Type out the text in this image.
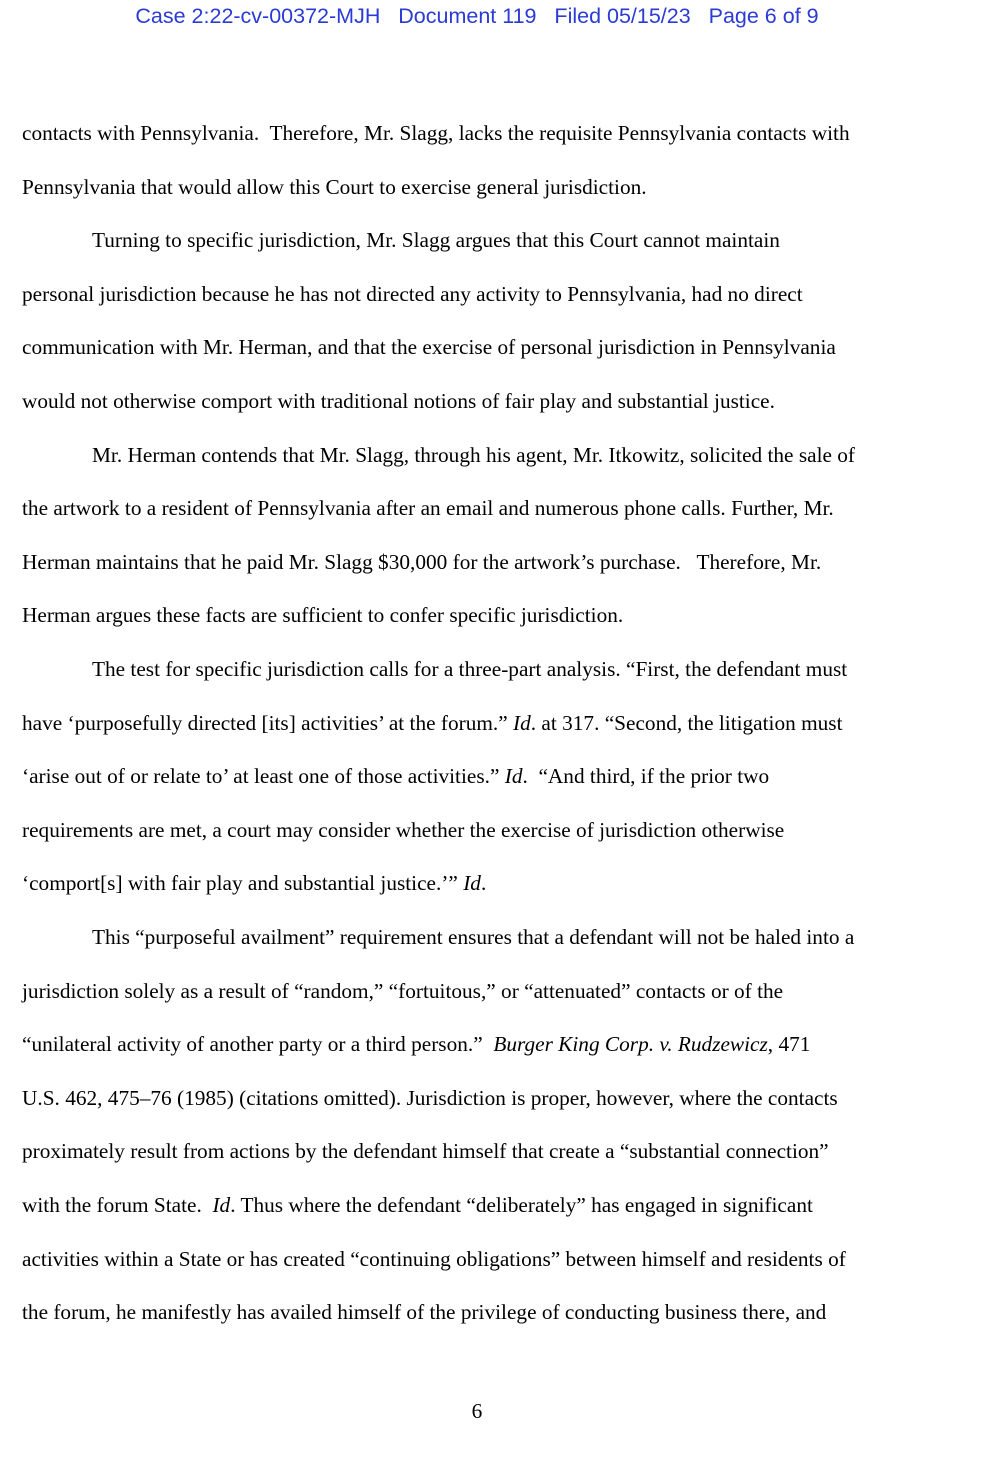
Case 2:22-cv-00372-MJH   Document 119   Filed 05/15/23   Page 6 of 9
contacts with Pennsylvania.  Therefore, Mr. Slagg, lacks the requisite Pennsylvania contacts with
Pennsylvania that would allow this Court to exercise general jurisdiction.
Turning to specific jurisdiction, Mr. Slagg argues that this Court cannot maintain
personal jurisdiction because he has not directed any activity to Pennsylvania, had no direct
communication with Mr. Herman, and that the exercise of personal jurisdiction in Pennsylvania
would not otherwise comport with traditional notions of fair play and substantial justice.
Mr. Herman contends that Mr. Slagg, through his agent, Mr. Itkowitz, solicited the sale of
the artwork to a resident of Pennsylvania after an email and numerous phone calls. Further, Mr.
Herman maintains that he paid Mr. Slagg $30,000 for the artwork’s purchase.   Therefore, Mr.
Herman argues these facts are sufficient to confer specific jurisdiction.
The test for specific jurisdiction calls for a three-part analysis. “First, the defendant must
have ‘purposefully directed [its] activities’ at the forum.” Id. at 317. “Second, the litigation must
‘arise out of or relate to’ at least one of those activities.” Id.  “And third, if the prior two
requirements are met, a court may consider whether the exercise of jurisdiction otherwise
‘comport[s] with fair play and substantial justice.’” Id.
This “purposeful availment” requirement ensures that a defendant will not be haled into a
jurisdiction solely as a result of “random,” “fortuitous,” or “attenuated” contacts or of the
“unilateral activity of another party or a third person.”  Burger King Corp. v. Rudzewicz, 471
U.S. 462, 475–76 (1985) (citations omitted). Jurisdiction is proper, however, where the contacts
proximately result from actions by the defendant himself that create a “substantial connection”
with the forum State.  Id. Thus where the defendant “deliberately” has engaged in significant
activities within a State or has created “continuing obligations” between himself and residents of
the forum, he manifestly has availed himself of the privilege of conducting business there, and
6
